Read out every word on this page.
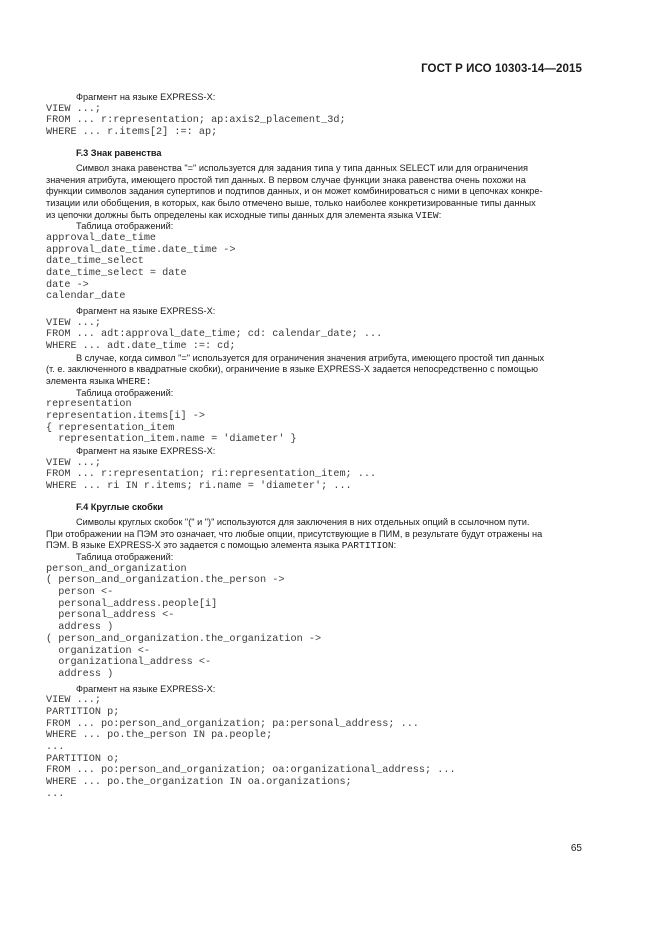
ГОСТ Р ИСО 10303-14—2015
Фрагмент на языке EXPRESS-X:
VIEW ...;
FROM ... r:representation; ap:axis2_placement_3d;
WHERE ... r.items[2] :=: ap;
F.3 Знак равенства
Символ знака равенства "=" используется для задания типа у типа данных SELECT или для ограничения
значения атрибута, имеющего простой тип данных. В первом случае функции знака равенства очень похожи на
функции символов задания супертипов и подтипов данных, и он может комбинироваться с ними в цепочках конкре-
тизации или обобщения, в которых, как было отмечено выше, только наиболее конкретизированные типы данных
из цепочки должны быть определены как исходные типы данных для элемента языка VIEW:
Таблица отображений:
approval_date_time
approval_date_time.date_time ->
date_time_select
date_time_select = date
date ->
calendar_date
Фрагмент на языке EXPRESS-X:
VIEW ...;
FROM ... adt:approval_date_time; cd: calendar_date; ...
WHERE ... adt.date_time :=: cd;
В случае, когда символ "=" используется для ограничения значения атрибута, имеющего простой тип данных
(т. е. заключенного в квадратные скобки), ограничение в языке EXPRESS-X задается непосредственно с помощью
элемента языка WHERE:
Таблица отображений:
representation
representation.items[i] ->
{ representation_item
representation_item.name = 'diameter' }
Фрагмент на языке EXPRESS-X:
VIEW ...;
FROM ... r:representation; ri:representation_item; ...
WHERE ... ri IN r.items; ri.name = 'diameter'; ...
F.4 Круглые скобки
Символы круглых скобок "(" и ")" используются для заключения в них отдельных опций в ссылочном пути.
При отображении на ПЭМ это означает, что любые опции, присутствующие в ПИМ, в результате будут отражены на
ПЭМ. В языке EXPRESS-X это задается с помощью элемента языка PARTITION:
Таблица отображений:
person_and_organization
( person_and_organization.the_person ->
person <-
personal_address.people[i]
personal_address <-
address )
( person_and_organization.the_organization ->
organization <-
organizational_address <-
address )
Фрагмент на языке EXPRESS-X:
VIEW ...;
PARTITION p;
FROM ... po:person_and_organization; pa:personal_address; ...
WHERE ... po.the_person IN pa.people;
...
PARTITION o;
FROM ... po:person_and_organization; oa:organizational_address; ...
WHERE ... po.the_organization IN oa.organizations;
...
65
